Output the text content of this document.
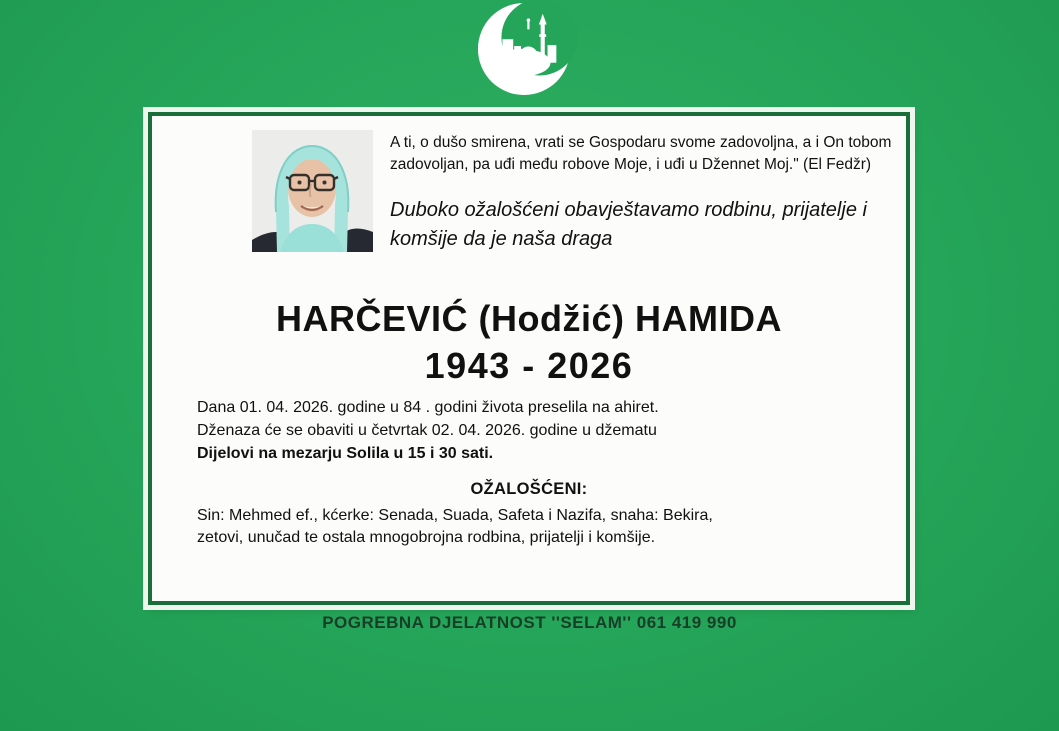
A ti, o dušo smirena, vrati se Gospodaru svome zadovoljna, a i On tobom
zadovoljan, pa uđi među robove Moje, i uđi u Džennet Moj." (El Fedžr)
Duboko ožalošćeni obavještavamo rodbinu, prijatelje i
komšije da je naša draga
HARČEVIĆ (Hodžić) HAMIDA
1943 - 2026
Dana 01. 04. 2026. godine u 84 . godini života preselila na ahiret.
Dženaza će se obaviti u četvrtak 02. 04. 2026. godine u džematu
Dijelovi na mezarju Solila u 15 i 30 sati.
OŽALOŠĆENI:
Sin: Mehmed ef., kćerke: Senada, Suada, Safeta i Nazifa, snaha: Bekira,
zetovi, unučad te ostala mnogobrojna rodbina, prijatelji i komšije.
POGREBNA DJELATNOST ''SELAM'' 061 419 990
